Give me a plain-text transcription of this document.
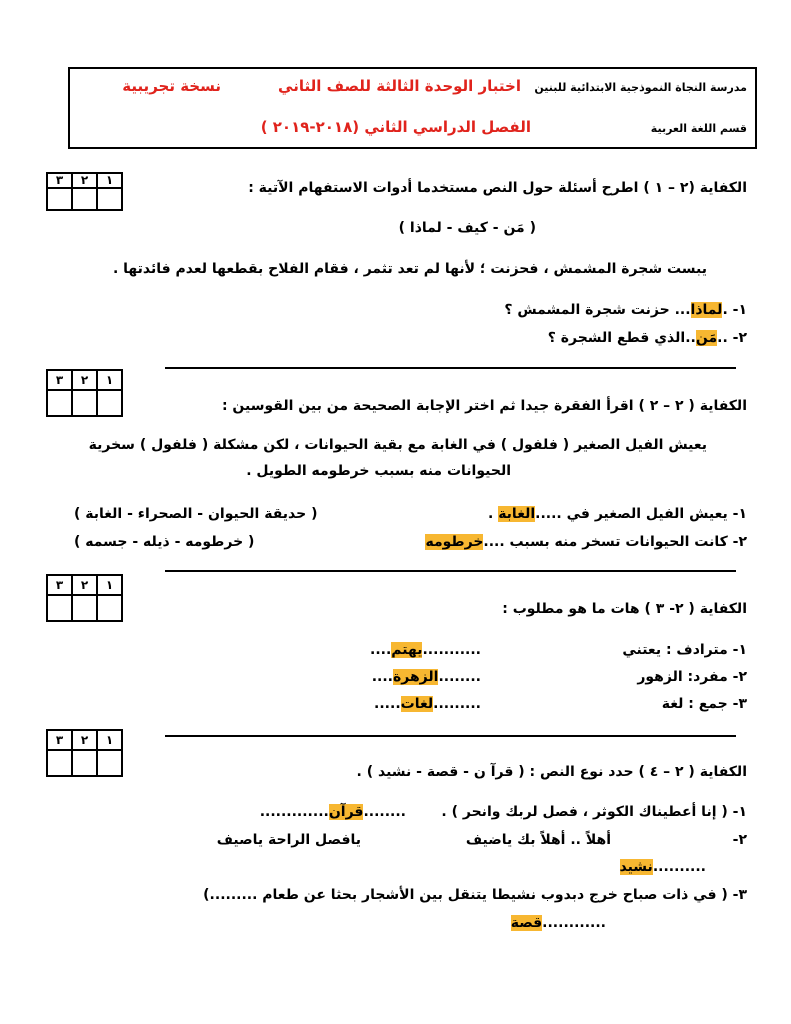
مدرسة النجاة النموذجية الابتدائية للبنين
اختبار الوحدة الثالثة للصف الثاني
نسخة تجريبية
قسم اللغة العربية
الفصل الدراسي الثاني (٢٠١٨-٢٠١٩ )
١	٢	٣
			الكفاية (٢ – ١ ) اطرح أسئلة حول النص مستخدما أدوات الاستفهام الآتية :
( مَن - كيف - لماذا )
يبست شجرة المشمش ، فحزنت ؛ لأنها لم تعد تثمر ، فقام الفلاح بقطعها لعدم فائدتها .
١- .لماذا... حزنت شجرة المشمش ؟
٢- ..مَن..الذي قطع الشجرة ؟
١	٢	٣

الكفاية ( ٢ – ٢ ) اقرأ الفقرة جيدا ثم اختر الإجابة الصحيحة من بين القوسين :
يعيش الفيل الصغير ( فلفول ) في الغابة مع بقية الحيوانات ، لكن مشكلة ( فلفول ) سخرية
الحيوانات منه بسبب خرطومه الطويل .
١- يعيش الفيل الصغير في .....الغابة .
( حديقة الحيوان - الصحراء - الغابة )
٢- كانت الحيوانات تسخر منه بسبب ....خرطومه
( خرطومه - ذيله - جسمه )
١	٢	٣

الكفاية ( ٢- ٣ ) هات ما هو مطلوب :
١- مترادف : يعتني
...........يهتم....
٢- مفرد: الزهور
........الزهرة....
٣- جمع : لغة
.........لغات.....
١	٢	٣

الكفاية ( ٢ – ٤ ) حدد نوع النص : ( قرآ ن - قصة - نشيد ) .
١- ( إنا أعطيناك الكوثر ، فصل لربك وانحر ) .
........قرآن.............
٢-
أهلاً .. أهلاً بك ياضيف
يافصل الراحة ياصيف
..........نشيد
٣- ( في ذات صباح خرج دبدوب نشيطا يتنقل بين الأشجار بحثا عن طعام .........)
............قصة
